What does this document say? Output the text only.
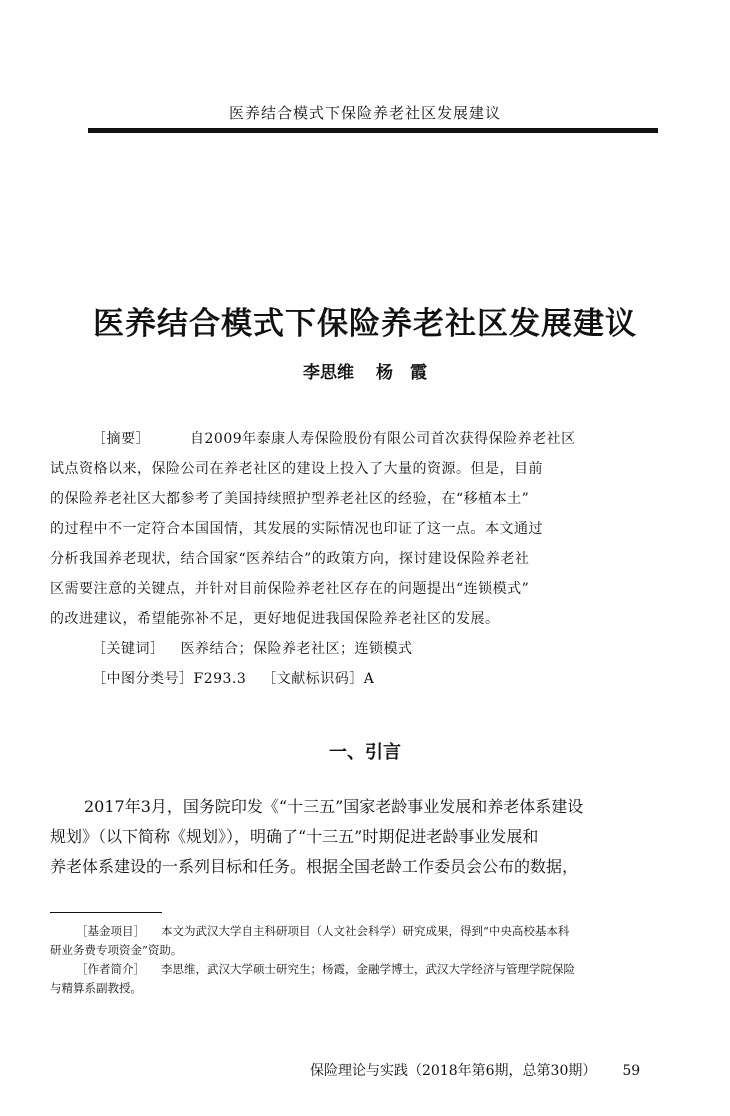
医养结合模式下保险养老社区发展建议
医养结合模式下保险养老社区发展建议
李思维 杨　霞
［摘要］	自2009年泰康人寿保险股份有限公司首次获得保险养老社区
试点资格以来，保险公司在养老社区的建设上投入了大量的资源。但是，目前
的保险养老社区大都参考了美国持续照护型养老社区的经验，在“移植本土”
的过程中不一定符合本国国情，其发展的实际情况也印证了这一点。本文通过
分析我国养老现状，结合国家“医养结合”的政策方向，探讨建设保险养老社
区需要注意的关键点，并针对目前保险养老社区存在的问题提出“连锁模式”
的改进建议，希望能弥补不足，更好地促进我国保险养老社区的发展。
［关键词］ 医养结合；保险养老社区；连锁模式
［中图分类号］F293.3 ［文献标识码］A
一、引言
2017年3月，国务院印发《“十三五”国家老龄事业发展和养老体系建设
规划》（以下简称《规划》），明确了“十三五”时期促进老龄事业发展和
养老体系建设的一系列目标和任务。根据全国老龄工作委员会公布的数据，
［基金项目］ 本文为武汉大学自主科研项目（人文社会科学）研究成果，得到“中央高校基本科
研业务费专项资金”资助。
［作者简介］ 李思维，武汉大学硕士研究生；杨霞，金融学博士，武汉大学经济与管理学院保险
与精算系副教授。
保险理论与实践（2018年第6期，总第30期） 59
